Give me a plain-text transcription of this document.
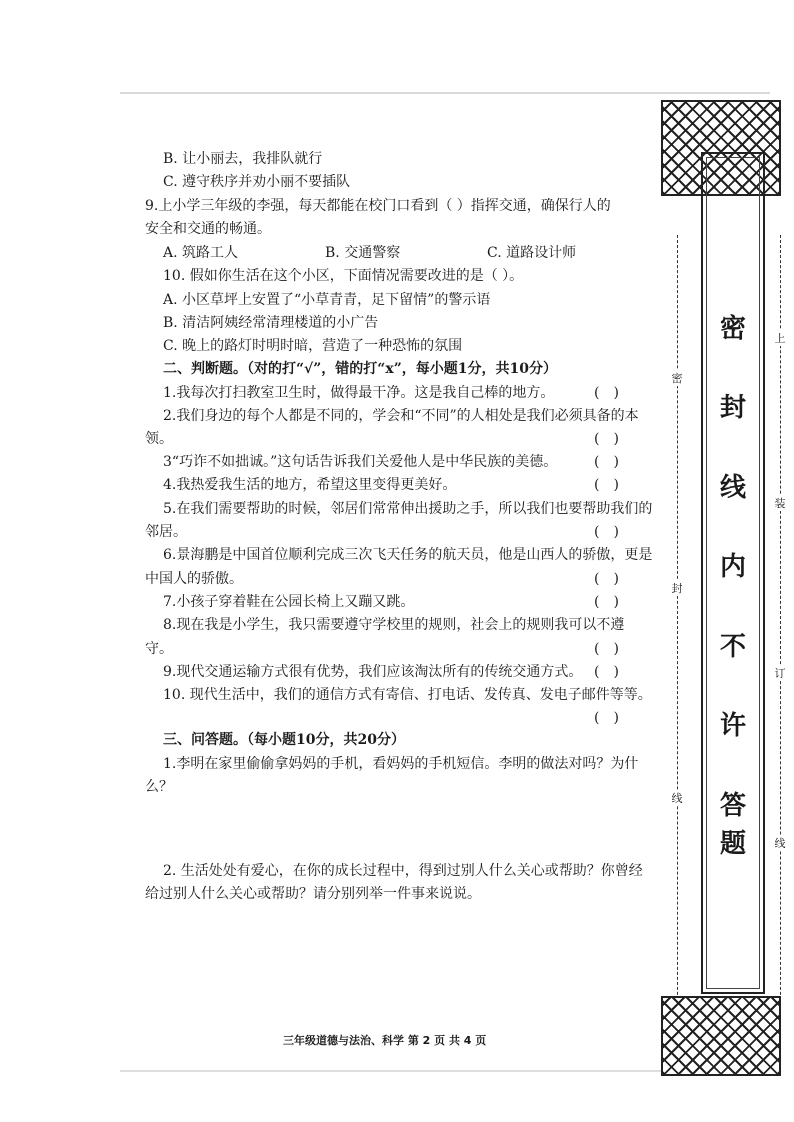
B. 让小丽去，我排队就行
C. 遵守秩序并劝小丽不要插队
9.上小学三年级的李强，每天都能在校门口看到（ ）指挥交通，确保行人的
安全和交通的畅通。
A. 筑路工人	B. 交通警察	C. 道路设计师
10. 假如你生活在这个小区，下面情况需要改进的是（ ）。
A. 小区草坪上安置了“小草青青，足下留情”的警示语
B. 清洁阿姨经常清理楼道的小广告
C. 晚上的路灯时明时暗，营造了一种恐怖的氛围
二、判断题。（对的打“√”，错的打“x”，每小题1分，共10分）
1.我每次打扫教室卫生时，做得最干净。这是我自己棒的地方。
2.我们身边的每个人都是不同的，学会和“不同”的人相处是我们必须具备的本
领。
3“巧诈不如拙诚。”这句话告诉我们关爱他人是中华民族的美德。
4.我热爱我生活的地方，希望这里变得更美好。
5.在我们需要帮助的时候，邻居们常常伸出援助之手，所以我们也要帮助我们的
邻居。
6.景海鹏是中国首位顺利完成三次飞天任务的航天员，他是山西人的骄傲，更是
中国人的骄傲。
7.小孩子穿着鞋在公园长椅上又蹦又跳。
8.现在我是小学生，我只需要遵守学校里的规则，社会上的规则我可以不遵
守。
9.现代交通运输方式很有优势，我们应该淘汰所有的传统交通方式。
10. 现代生活中，我们的通信方式有寄信、打电话、发传真、发电子邮件等等。
()
()
()
()
()
()
()
()
()
()
三、问答题。（每小题10分，共20分）
1.李明在家里偷偷拿妈妈的手机，看妈妈的手机短信。李明的做法对吗？为什
么？
2. 生活处处有爱心，在你的成长过程中，得到过别人什么关心或帮助？你曾经
给过别人什么关心或帮助？请分别列举一件事来说说。
三年级道德与法治、科学 第 2 页 共 4 页
密
封
线
内
不
许
答
题
密
封
线
上
装
订
线
